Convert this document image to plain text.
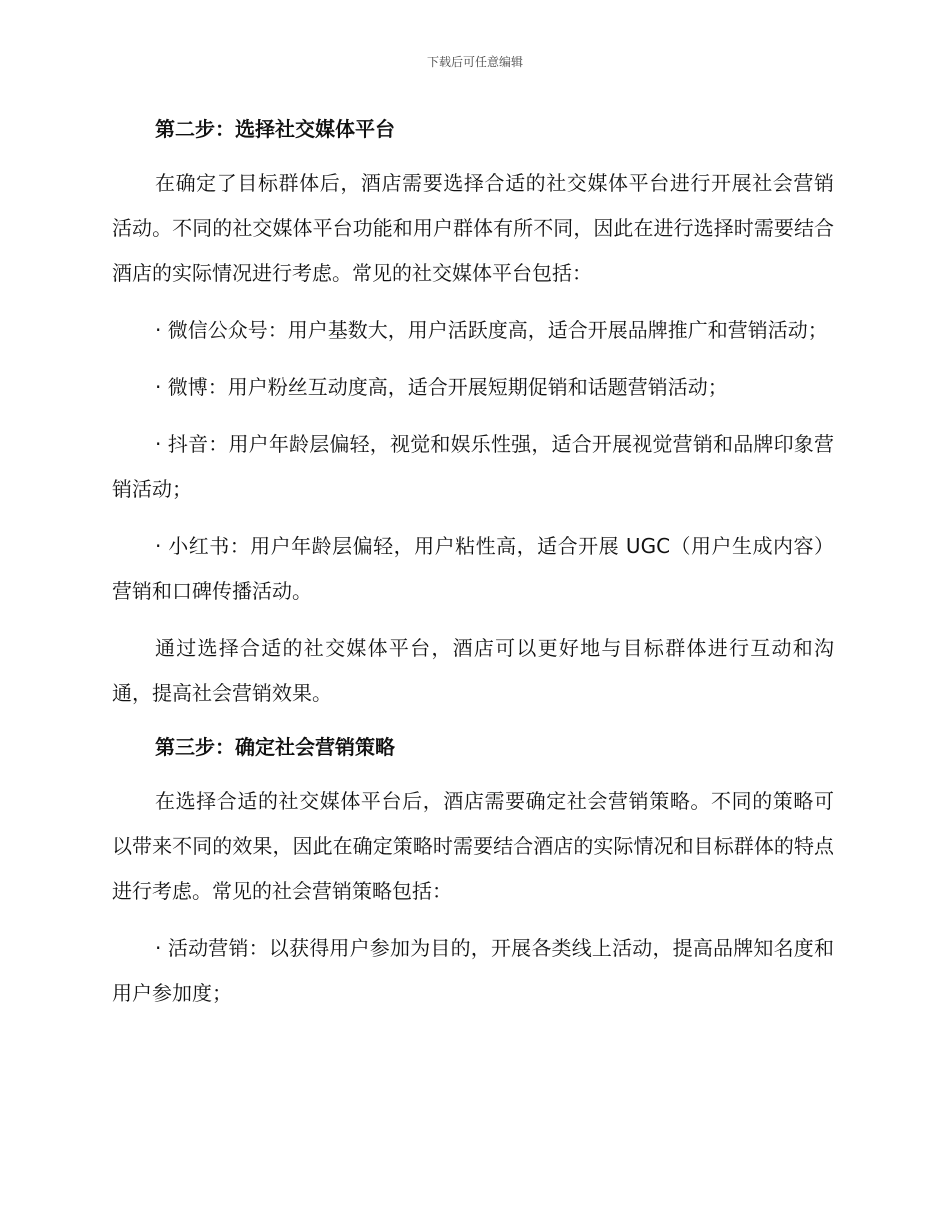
下载后可任意编辑
第二步：选择社交媒体平台

在确定了目标群体后，酒店需要选择合适的社交媒体平台进行开展社会营销活动。不同的社交媒体平台功能和用户群体有所不同，因此在进行选择时需要结合酒店的实际情况进行考虑。常见的社交媒体平台包括：

· 微信公众号：用户基数大，用户活跃度高，适合开展品牌推广和营销活动；

· 微博：用户粉丝互动度高，适合开展短期促销和话题营销活动；

· 抖音：用户年龄层偏轻，视觉和娱乐性强，适合开展视觉营销和品牌印象营销活动；

· 小红书：用户年龄层偏轻，用户粘性高，适合开展 UGC（用户生成内容）营销和口碑传播活动。

通过选择合适的社交媒体平台，酒店可以更好地与目标群体进行互动和沟通，提高社会营销效果。

第三步：确定社会营销策略

在选择合适的社交媒体平台后，酒店需要确定社会营销策略。不同的策略可以带来不同的效果，因此在确定策略时需要结合酒店的实际情况和目标群体的特点进行考虑。常见的社会营销策略包括：

· 活动营销：以获得用户参加为目的，开展各类线上活动，提高品牌知名度和用户参加度；
